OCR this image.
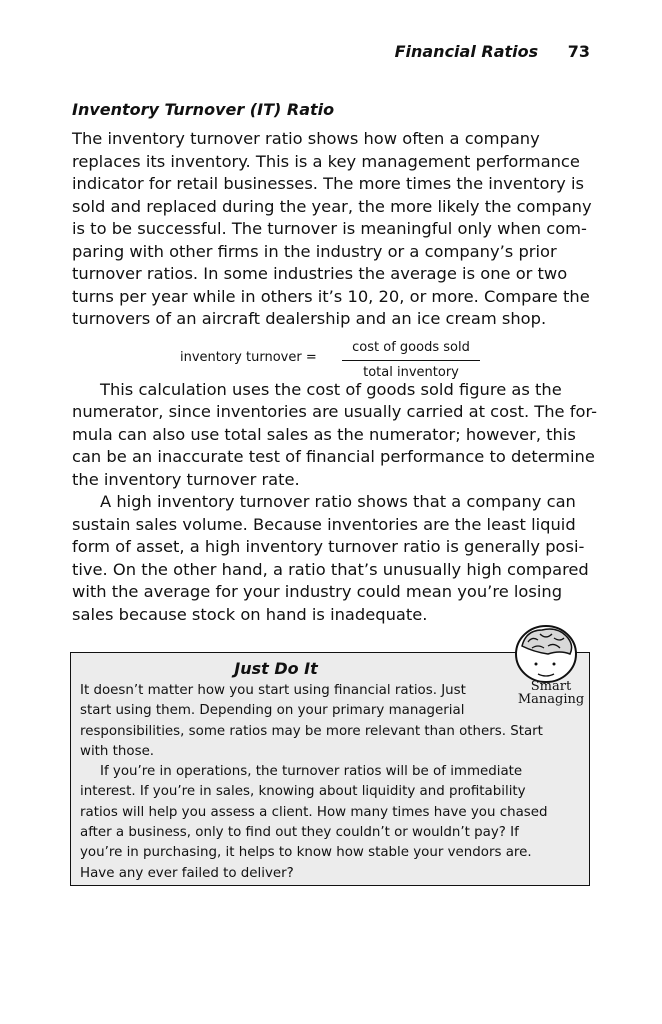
Financial Ratios 73
Inventory Turnover (IT) Ratio

The inventory turnover ratio shows how often a company
replaces its inventory. This is a key management performance
indicator for retail businesses. The more times the inventory is
sold and replaced during the year, the more likely the company
is to be successful. The turnover is meaningful only when com-
paring with other firms in the industry or a company’s prior
turnover ratios. In some industries the average is one or two
turns per year while in others it’s 10, 20, or more. Compare the
turnovers of an aircraft dealership and an ice cream shop.

inventory turnover =
cost of goods sold
total inventory

This calculation uses the cost of goods sold figure as the
numerator, since inventories are usually carried at cost. The for-
mula can also use total sales as the numerator; however, this
can be an inaccurate test of financial performance to determine
the inventory turnover rate.

A high inventory turnover ratio shows that a company can
sustain sales volume. Because inventories are the least liquid
form of asset, a high inventory turnover ratio is generally posi-
tive. On the other hand, a ratio that’s unusually high compared
with the average for your industry could mean you’re losing
sales because stock on hand is inadequate.

Just Do It
It doesn’t matter how you start using financial ratios. Just
start using them. Depending on your primary managerial
responsibilities, some ratios may be more relevant than others. Start
with those.
If you’re in operations, the turnover ratios will be of immediate
interest. If you’re in sales, knowing about liquidity and profitability
ratios will help you assess a client. How many times have you chased
after a business, only to find out they couldn’t or wouldn’t pay? If
you’re in purchasing, it helps to know how stable your vendors are.
Have any ever failed to deliver?
Smart
Managing
